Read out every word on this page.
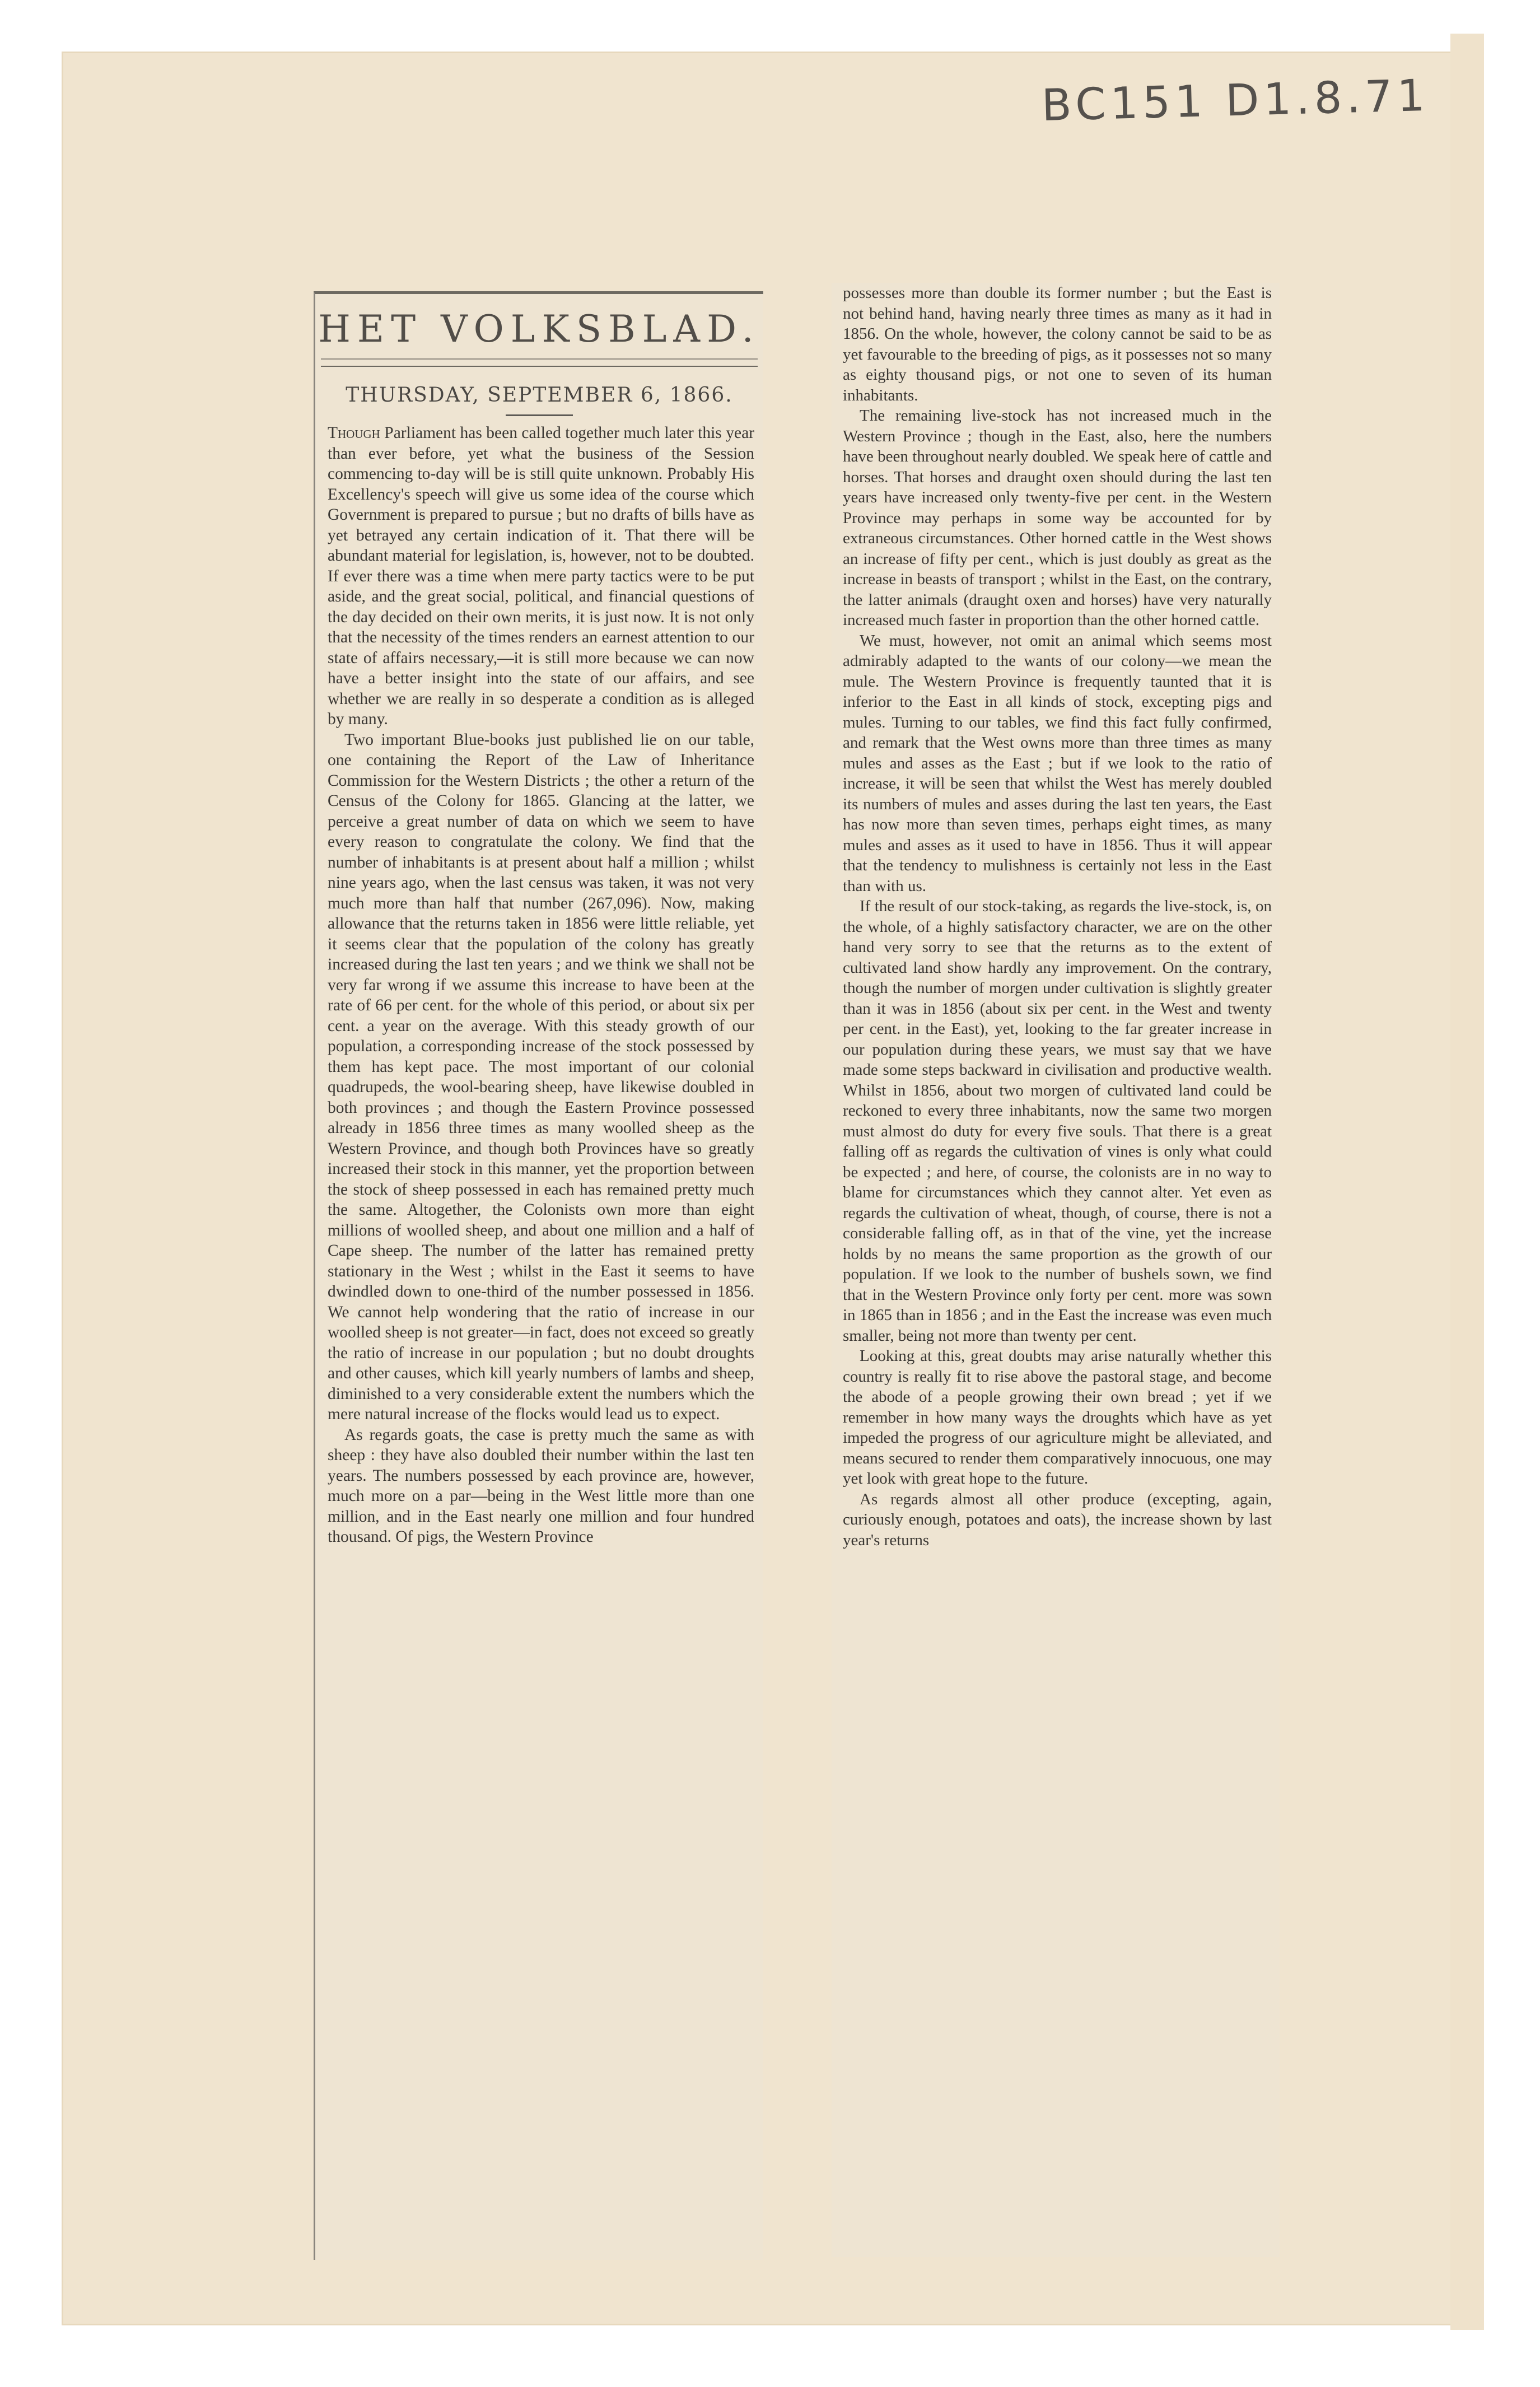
BC151 D1.8.71
HET VOLKSBLAD.
THURSDAY, SEPTEMBER 6, 1866.

Though Parliament has been called together much later this year than ever before, yet what the business of the Session commencing to-day will be is still quite unknown. Probably His Excellency's speech will give us some idea of the course which Government is prepared to pursue ; but no drafts of bills have as yet betrayed any certain indication of it. That there will be abundant material for legislation, is, however, not to be doubted. If ever there was a time when mere party tactics were to be put aside, and the great social, political, and financial questions of the day decided on their own merits, it is just now. It is not only that the necessity of the times renders an earnest attention to our state of affairs necessary,—it is still more because we can now have a better insight into the state of our affairs, and see whether we are really in so desperate a condition as is alleged by many.

Two important Blue-books just published lie on our table, one containing the Report of the Law of Inheritance Commission for the Western Districts ; the other a return of the Census of the Colony for 1865. Glancing at the latter, we perceive a great number of data on which we seem to have every reason to congratulate the colony. We find that the number of inhabitants is at present about half a million ; whilst nine years ago, when the last census was taken, it was not very much more than half that number (267,096). Now, making allowance that the returns taken in 1856 were little reliable, yet it seems clear that the population of the colony has greatly increased during the last ten years ; and we think we shall not be very far wrong if we assume this increase to have been at the rate of 66 per cent. for the whole of this period, or about six per cent. a year on the average. With this steady growth of our population, a corresponding increase of the stock possessed by them has kept pace. The most important of our colonial quadrupeds, the wool-bearing sheep, have likewise doubled in both provinces ; and though the Eastern Province possessed already in 1856 three times as many woolled sheep as the Western Province, and though both Provinces have so greatly increased their stock in this manner, yet the proportion between the stock of sheep possessed in each has remained pretty much the same. Altogether, the Colonists own more than eight millions of woolled sheep, and about one million and a half of Cape sheep. The number of the latter has remained pretty stationary in the West ; whilst in the East it seems to have dwindled down to one-third of the number possessed in 1856. We cannot help wondering that the ratio of increase in our woolled sheep is not greater—in fact, does not exceed so greatly the ratio of increase in our population ; but no doubt droughts and other causes, which kill yearly numbers of lambs and sheep, diminished to a very considerable extent the numbers which the mere natural increase of the flocks would lead us to expect.

As regards goats, the case is pretty much the same as with sheep : they have also doubled their number within the last ten years. The numbers possessed by each province are, however, much more on a par—being in the West little more than one million, and in the East nearly one million and four hundred thousand. Of pigs, the Western Province

possesses more than double its former number ; but the East is not behind hand, having nearly three times as many as it had in 1856. On the whole, however, the colony cannot be said to be as yet favourable to the breeding of pigs, as it possesses not so many as eighty thousand pigs, or not one to seven of its human inhabitants.

The remaining live-stock has not increased much in the Western Province ; though in the East, also, here the numbers have been throughout nearly doubled. We speak here of cattle and horses. That horses and draught oxen should during the last ten years have increased only twenty-five per cent. in the Western Province may perhaps in some way be accounted for by extraneous circumstances. Other horned cattle in the West shows an increase of fifty per cent., which is just doubly as great as the increase in beasts of transport ; whilst in the East, on the contrary, the latter animals (draught oxen and horses) have very naturally increased much faster in proportion than the other horned cattle.

We must, however, not omit an animal which seems most admirably adapted to the wants of our colony—we mean the mule. The Western Province is frequently taunted that it is inferior to the East in all kinds of stock, excepting pigs and mules. Turning to our tables, we find this fact fully confirmed, and remark that the West owns more than three times as many mules and asses as the East ; but if we look to the ratio of increase, it will be seen that whilst the West has merely doubled its numbers of mules and asses during the last ten years, the East has now more than seven times, perhaps eight times, as many mules and asses as it used to have in 1856. Thus it will appear that the tendency to mulishness is certainly not less in the East than with us.

If the result of our stock-taking, as regards the live-stock, is, on the whole, of a highly satisfactory character, we are on the other hand very sorry to see that the returns as to the extent of cultivated land show hardly any improvement. On the contrary, though the number of morgen under cultivation is slightly greater than it was in 1856 (about six per cent. in the West and twenty per cent. in the East), yet, looking to the far greater increase in our population during these years, we must say that we have made some steps backward in civilisation and productive wealth. Whilst in 1856, about two morgen of cultivated land could be reckoned to every three inhabitants, now the same two morgen must almost do duty for every five souls. That there is a great falling off as regards the cultivation of vines is only what could be expected ; and here, of course, the colonists are in no way to blame for circumstances which they cannot alter. Yet even as regards the cultivation of wheat, though, of course, there is not a considerable falling off, as in that of the vine, yet the increase holds by no means the same proportion as the growth of our population. If we look to the number of bushels sown, we find that in the Western Province only forty per cent. more was sown in 1865 than in 1856 ; and in the East the increase was even much smaller, being not more than twenty per cent.

Looking at this, great doubts may arise naturally whether this country is really fit to rise above the pastoral stage, and become the abode of a people growing their own bread ; yet if we remember in how many ways the droughts which have as yet impeded the progress of our agriculture might be alleviated, and means secured to render them comparatively innocuous, one may yet look with great hope to the future.

As regards almost all other produce (excepting, again, curiously enough, potatoes and oats), the increase shown by last year's returns
